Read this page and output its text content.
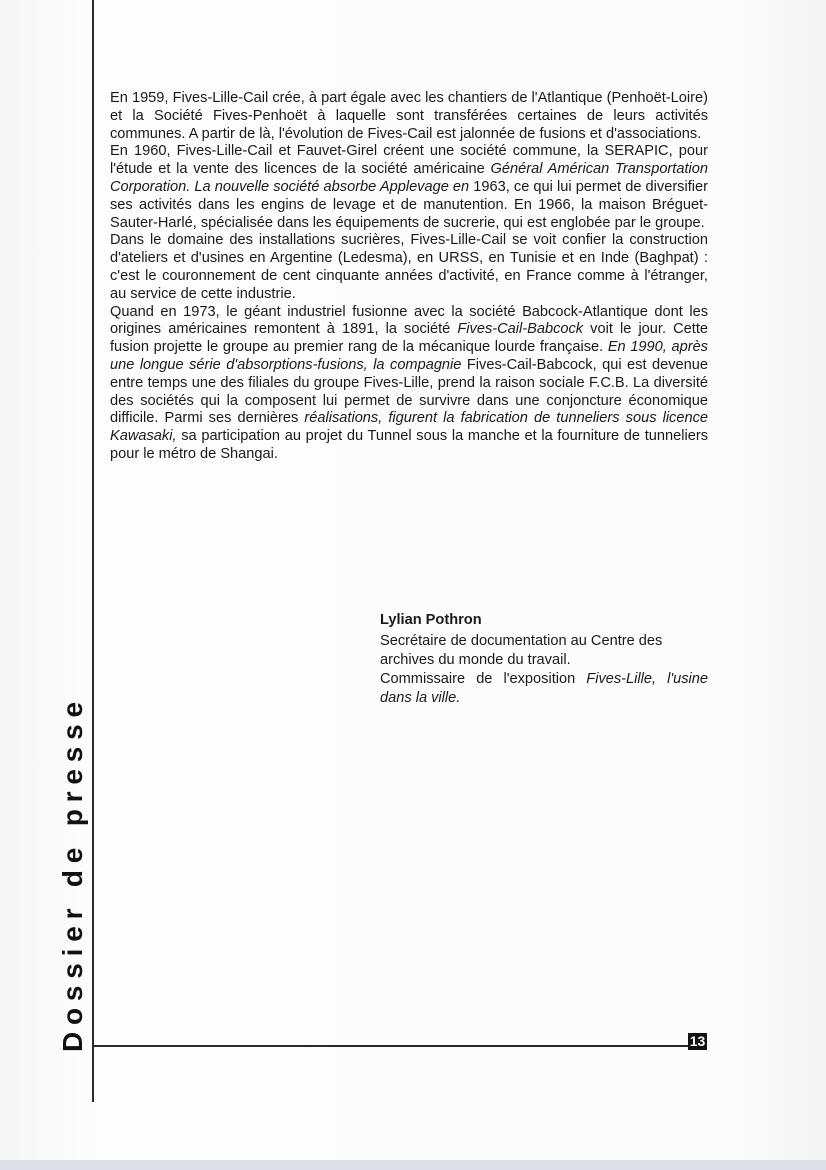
Dossier de presse

En 1959, Fives-Lille-Cail crée, à part égale avec les chantiers de l'Atlantique (Penhoët-Loire) et la Société Fives-Penhoët à laquelle sont transférées certaines de leurs activités communes. A partir de là, l'évolution de Fives-Cail est jalonnée de fusions et d'associations.

En 1960, Fives-Lille-Cail et Fauvet-Girel créent une société commune, la SERAPIC, pour l'étude et la vente des licences de la société américaine Général Américan Transportation Corporation. La nouvelle société absorbe Applevage en 1963, ce qui lui permet de diversifier ses activités dans les engins de levage et de manutention. En 1966, la maison Bréguet-Sauter-Harlé, spécialisée dans les équipements de sucrerie, qui est englobée par le groupe.

Dans le domaine des installations sucrières, Fives-Lille-Cail se voit confier la construction d'ateliers et d'usines en Argentine (Ledesma), en URSS, en Tunisie et en Inde (Baghpat) : c'est le couronnement de cent cinquante années d'activité, en France comme à l'étranger, au service de cette industrie.

Quand en 1973, le géant industriel fusionne avec la société Babcock-Atlantique dont les origines américaines remontent à 1891, la société Fives-Cail-Babcock voit le jour. Cette fusion projette le groupe au premier rang de la mécanique lourde française. En 1990, après une longue série d'absorptions-fusions, la compagnie Fives-Cail-Babcock, qui est devenue entre temps une des filiales du groupe Fives-Lille, prend la raison sociale F.C.B. La diversité des sociétés qui la composent lui permet de survivre dans une conjoncture économique difficile. Parmi ses dernières réalisations, figurent la fabrication de tunneliers sous licence Kawasaki, sa participation au projet du Tunnel sous la manche et la fourniture de tunneliers pour le métro de Shangai.

Lylian Pothron

Secrétaire de documentation au Centre des archives du monde du travail.

Commissaire de l'exposition Fives-Lille, l'usine dans la ville.

13
